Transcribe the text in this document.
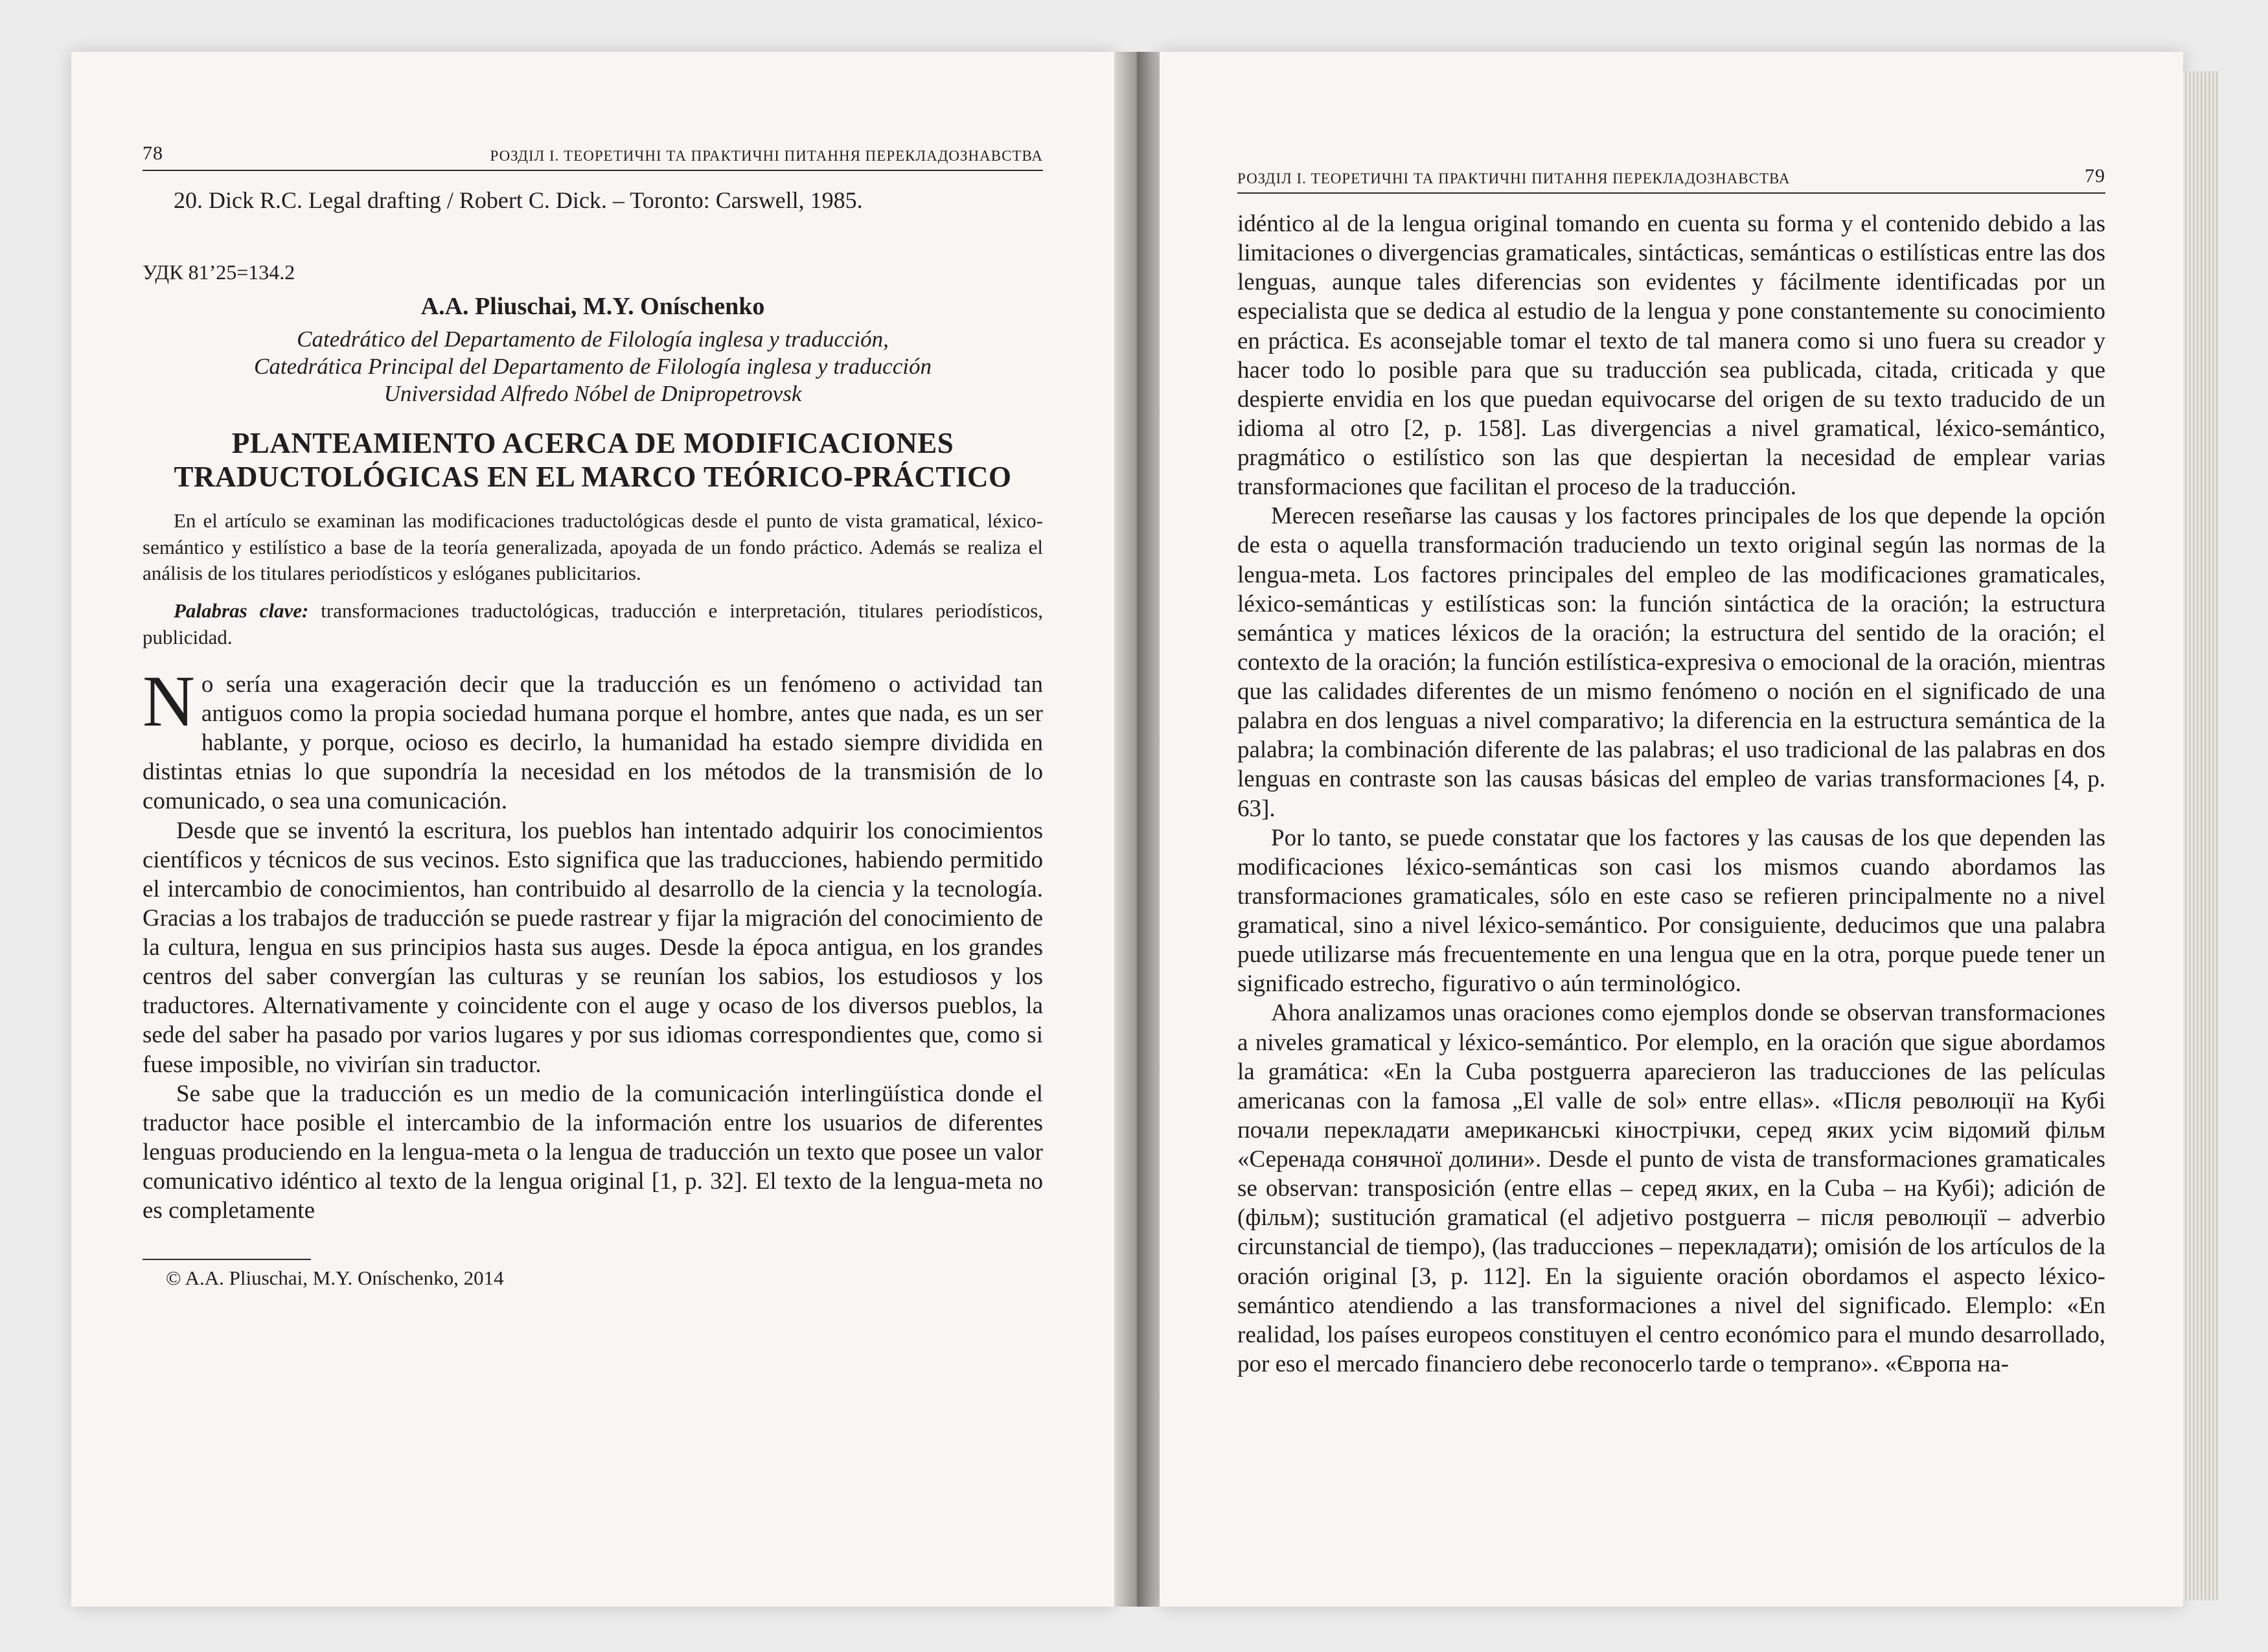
78	РОЗДІЛ І. ТЕОРЕТИЧНІ ТА ПРАКТИЧНІ ПИТАННЯ ПЕРЕКЛАДОЗНАВСТВА

20. Dick R.C. Legal drafting / Robert C. Dick. – Toronto: Carswell, 1985.

УДК 81’25=134.2

A.A. Pliuschai, M.Y. Oníschenko

Catedrático del Departamento de Filología inglesa y traducción,
Catedrática Principal del Departamento de Filología inglesa y traducción
Universidad Alfredo Nóbel de Dnipropetrovsk
PLANTEAMIENTO ACERCA DE MODIFICACIONES
TRADUCTOLÓGICAS EN EL MARCO TEÓRICO-PRÁCTICO

En el artículo se examinan las modificaciones traductológicas desde el punto de vista gramatical, léxico-semántico y estilístico a base de la teoría generalizada, apoyada de un fondo práctico. Además se realiza el análisis de los titulares periodísticos y eslóganes publicitarios.

Palabras clave: transformaciones traductológicas, traducción e interpretación, titulares periodísticos, publicidad.

No sería una exageración decir que la traducción es un fenómeno o actividad tan antiguos como la propia sociedad humana porque el hombre, antes que nada, es un ser hablante, y porque, ocioso es decirlo, la humanidad ha estado siempre dividida en distintas etnias lo que supondría la necesidad en los métodos de la transmisión de lo comunicado, o sea una comunicación.

Desde que se inventó la escritura, los pueblos han intentado adquirir los conocimientos científicos y técnicos de sus vecinos. Esto significa que las traducciones, habiendo permitido el intercambio de conocimientos, han contribuido al desarrollo de la ciencia y la tecnología. Gracias a los trabajos de traducción se puede rastrear y fijar la migración del conocimiento de la cultura, lengua en sus principios hasta sus auges. Desde la época antigua, en los grandes centros del saber convergían las culturas y se reunían los sabios, los estudiosos y los traductores. Alternativamente y coincidente con el auge y ocaso de los diversos pueblos, la sede del saber ha pasado por varios lugares y por sus idiomas correspondientes que, como si fuese imposible, no vivirían sin traductor.

Se sabe que la traducción es un medio de la comunicación interlingüística donde el traductor hace posible el intercambio de la información entre los usuarios de diferentes lenguas produciendo en la lengua-meta o la lengua de traducción un texto que posee un valor comunicativo idéntico al texto de la lengua original [1, p. 32]. El texto de la lengua-meta no es completamente

© A.A. Pliuschai, M.Y. Oníschenko, 2014
РОЗДІЛ І. ТЕОРЕТИЧНІ ТА ПРАКТИЧНІ ПИТАННЯ ПЕРЕКЛАДОЗНАВСТВА	79

idéntico al de la lengua original tomando en cuenta su forma y el contenido debido a las limitaciones o divergencias gramaticales, sintácticas, semánticas o estilísticas entre las dos lenguas, aunque tales diferencias son evidentes y fácilmente identificadas por un especialista que se dedica al estudio de la lengua y pone constantemente su conocimiento en práctica. Es aconsejable tomar el texto de tal manera como si uno fuera su creador y hacer todo lo posible para que su traducción sea publicada, citada, criticada y que despierte envidia en los que puedan equivocarse del origen de su texto traducido de un idioma al otro [2, p. 158]. Las divergencias a nivel gramatical, léxico-semántico, pragmático o estilístico son las que despiertan la necesidad de emplear varias transformaciones que facilitan el proceso de la traducción.

Merecen reseñarse las causas y los factores principales de los que depende la opción de esta o aquella transformación traduciendo un texto original según las normas de la lengua-meta. Los factores principales del empleo de las modificaciones gramaticales, léxico-semánticas y estilísticas son: la función sintáctica de la oración; la estructura semántica y matices léxicos de la oración; la estructura del sentido de la oración; el contexto de la oración; la función estilística-expresiva o emocional de la oración, mientras que las calidades diferentes de un mismo fenómeno o noción en el significado de una palabra en dos lenguas a nivel comparativo; la diferencia en la estructura semántica de la palabra; la combinación diferente de las palabras; el uso tradicional de las palabras en dos lenguas en contraste son las causas básicas del empleo de varias transformaciones [4, p. 63].

Por lo tanto, se puede constatar que los factores y las causas de los que dependen las modificaciones léxico-semánticas son casi los mismos cuando abordamos las transformaciones gramaticales, sólo en este caso se refieren principalmente no a nivel gramatical, sino a nivel léxico-semántico. Por consiguiente, deducimos que una palabra puede utilizarse más frecuentemente en una lengua que en la otra, porque puede tener un significado estrecho, figurativo o aún terminológico.

Ahora analizamos unas oraciones como ejemplos donde se observan transformaciones a niveles gramatical y léxico-semántico. Por elemplo, en la oración que sigue abordamos la gramática: «En la Cuba postguerra aparecieron las traducciones de las películas americanas con la famosa „El valle de sol» entre ellas». «Після революції на Кубі почали перекладати американські кінострічки, серед яких усім відомий фільм «Серенада сонячної долини». Desde el punto de vista de transformaciones gramaticales se observan: transposición (entre ellas – серед яких, en la Cuba – на Кубі); adición de (фільм); sustitución gramatical (el adjetivo postguerra – після революції – adverbio circunstancial de tiempo), (las traducciones – перекладати); omisión de los artículos de la oración original [3, p. 112]. En la siguiente oración obordamos el aspecto léxico-semántico atendiendo a las transformaciones a nivel del significado. Elemplo: «En realidad, los países europeos constituyen el centro económico para el mundo desarrollado, por eso el mercado financiero debe reconocerlo tarde o temprano». «Європа на-
